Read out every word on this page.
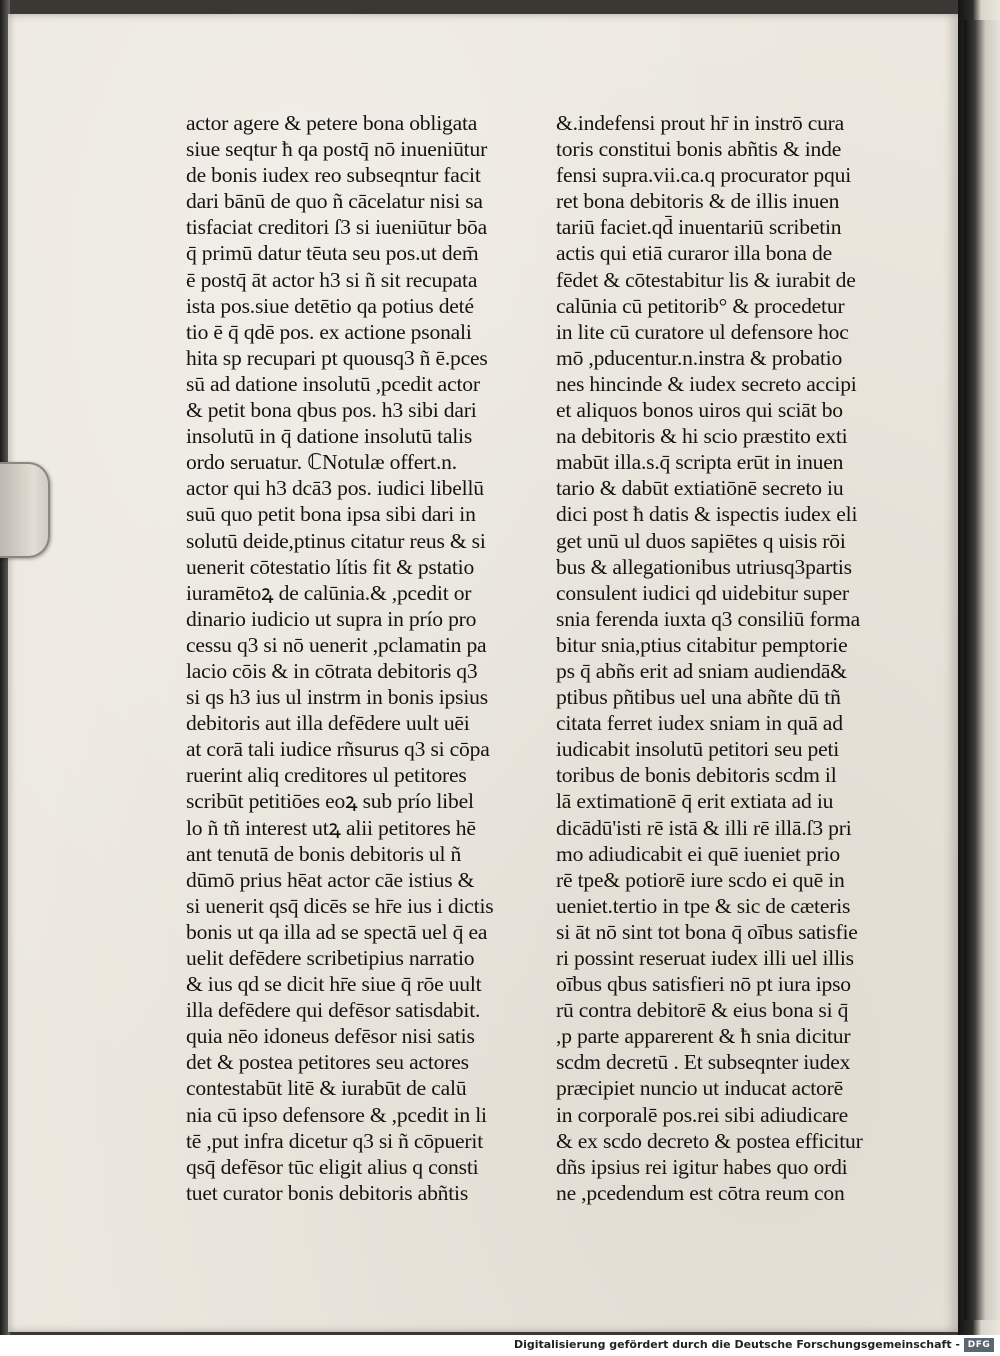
actor agere & petere bona obligata
siue seqtur ħ qa postq̄ nō inueniūtur
de bonis iudex reo subseqntur facit
dari bānū de quo ñ cācelatur nisi sa
tisfaciat creditori ſ3 si iueniūtur bōa
q̄ primū datur tēuta seu pos.ut dem̄
ē postq̄ āt actor h3 si ñ sit recupata
ista pos.siue detētio qa potius deté
tio ē q̄ qdē pos. ex actione psonali
hita sp recupari pt quousq3 ñ ē.pces
sū ad datione insolutū ,pcedit actor
& petit bona qbus pos. h3 sibi dari
insolutū in q̄ datione insolutū talis
ordo seruatur. ℂNotulæ offert.n.
actor qui h3 dcā3 pos. iudici libellū
suū quo petit bona ipsa sibi dari in
solutū deide,ptinus citatur reus & si
uenerit cōtestatio lítis fit & pstatio
iuramētoꝝ de calūnia.& ,pcedit or
dinario iudicio ut supra in prío pro
cessu q3 si nō uenerit ,pclamatin pa
lacio cōis & in cōtrata debitoris q3
si qs h3 ius ul instrm in bonis ipsius
debitoris aut illa defēdere uult uēi
at corā tali iudice rñsurus q3 si cōpa
ruerint aliq creditores ul petitores
scribūt petitiōes eoꝝ sub prío libel
lo ñ tñ interest utꝝ alii petitores hē
ant tenutā de bonis debitoris ul ñ
dūmō prius hēat actor cāe istius &
si uenerit qsq̄ dicēs se hr̄e ius i dictis
bonis ut qa illa ad se spectā uel q̄ ea
uelit defēdere scribetipius narratio
& ius qd se dicit hr̄e siue q̄ rōe uult
illa defēdere qui defēsor satisdabit.
quia nēo idoneus defēsor nisi satis
det & postea petitores seu actores
contestabūt litē & iurabūt de calū
nia cū ipso defensore & ,pcedit in li
tē ,put infra dicetur q3 si ñ cōpuerit
qsq̄ defēsor tūc eligit alius q consti
tuet curator bonis debitoris abñtis
&.indefensi prout hr̄ in instrō cura
toris constitui bonis abñtis & inde
fensi supra.vii.ca.q procurator pqui
ret bona debitoris & de illis inuen
tariū faciet.qd̄ inuentariū scribetin
actis qui etiā curaror illa bona de
fēdet & cōtestabitur lis & iurabit de
calūnia cū petitorib° & procedetur
in lite cū curatore ul defensore hoc
mō ,pducentur.n.instra & probatio
nes hincinde & iudex secreto accipi
et aliquos bonos uiros qui sciāt bo
na debitoris & hi scio præstito exti
mabūt illa.s.q̄ scripta erūt in inuen
tario & dabūt extiatiōnē secreto iu
dici post ħ datis & ispectis iudex eli
get unū ul duos sapiētes q uisis rōi
bus & allegationibus utriusq3partis
consulent iudici qd uidebitur super
snia ferenda iuxta q3 consiliū forma
bitur snia,ptius citabitur pemptorie
ps q̄ abñs erit ad sniam audiendā&
ptibus pñtibus uel una abñte dū tñ
citata ferret iudex sniam in quā ad
iudicabit insolutū petitori seu peti
toribus de bonis debitoris scdm il
lā extimationē q̄ erit extiata ad iu
dicādū'isti rē istā & illi rē illā.ſ3 pri
mo adiudicabit ei quē iueniet prio
rē tpe& potiorē iure scdo ei quē in
ueniet.tertio in tpe & sic de cæteris
si āt nō sint tot bona q̄ oībus satisfie
ri possint reseruat iudex illi uel illis
oībus qbus satisfieri nō pt iura ipso
rū contra debitorē & eius bona si q̄
,p parte apparerent & ħ snia dicitur
scdm decretū . Et subseqnter iudex
præcipiet nuncio ut inducat actorē
in corporalē pos.rei sibi adiudicare
& ex scdo decreto & postea efficitur
dñs ipsius rei igitur habes quo ordi
ne ,pcedendum est cōtra reum con
Digitalisierung gefördert durch die Deutsche Forschungsgemeinschaft - DFG
